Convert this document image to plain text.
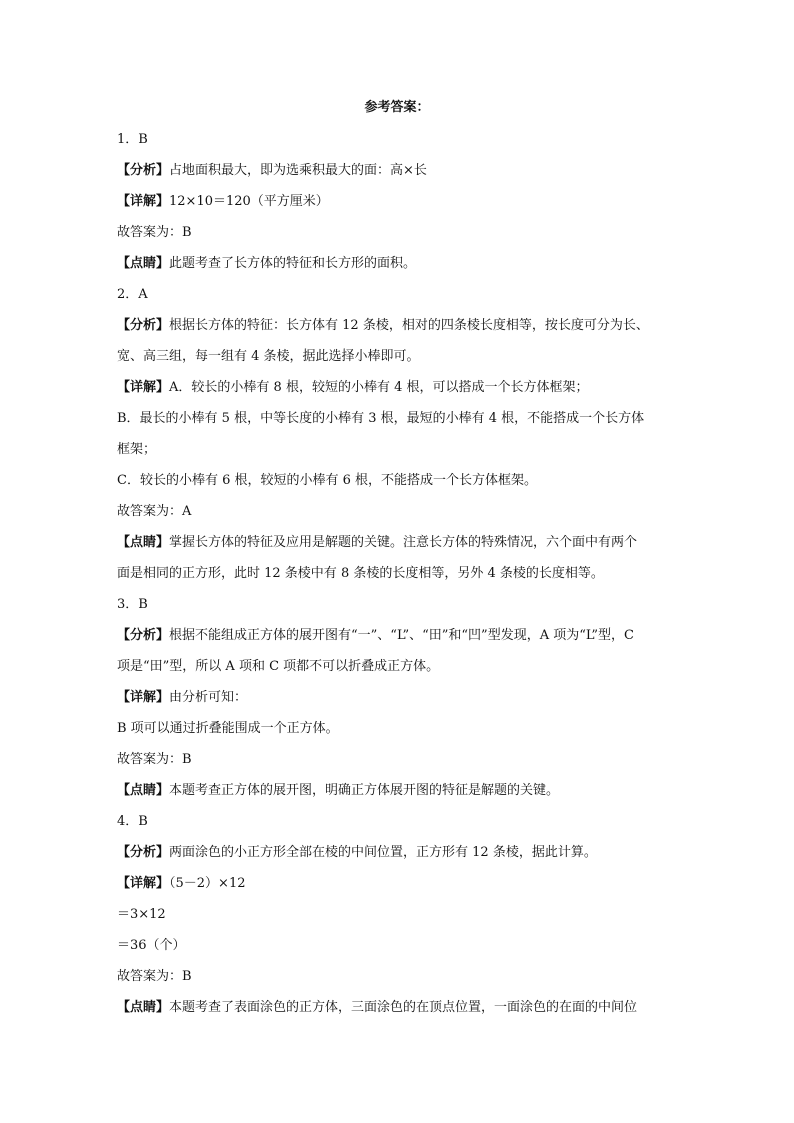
参考答案：
1．B
【分析】占地面积最大，即为选乘积最大的面：高×长
【详解】12×10＝120（平方厘米）
故答案为：B
【点睛】此题考查了长方体的特征和长方形的面积。
2．A
【分析】根据长方体的特征：长方体有 12 条棱，相对的四条棱长度相等，按长度可分为长、
宽、高三组，每一组有 4 条棱，据此选择小棒即可。
【详解】A．较长的小棒有 8 根，较短的小棒有 4 根，可以搭成一个长方体框架；
B．最长的小棒有 5 根，中等长度的小棒有 3 根，最短的小棒有 4 根，不能搭成一个长方体
框架；
C．较长的小棒有 6 根，较短的小棒有 6 根，不能搭成一个长方体框架。
故答案为：A
【点睛】掌握长方体的特征及应用是解题的关键。注意长方体的特殊情况，六个面中有两个
面是相同的正方形，此时 12 条棱中有 8 条棱的长度相等，另外 4 条棱的长度相等。
3．B
【分析】根据不能组成正方体的展开图有“一”、“L”、“田”和“凹”型发现，A 项为“L”型，C
项是“田”型，所以 A 项和 C 项都不可以折叠成正方体。
【详解】由分析可知：
B 项可以通过折叠能围成一个正方体。
故答案为：B
【点睛】本题考查正方体的展开图，明确正方体展开图的特征是解题的关键。
4．B
【分析】两面涂色的小正方形全部在棱的中间位置，正方形有 12 条棱，据此计算。
【详解】（5－2）×12
＝3×12
＝36（个）
故答案为：B
【点睛】本题考查了表面涂色的正方体，三面涂色的在顶点位置，一面涂色的在面的中间位
